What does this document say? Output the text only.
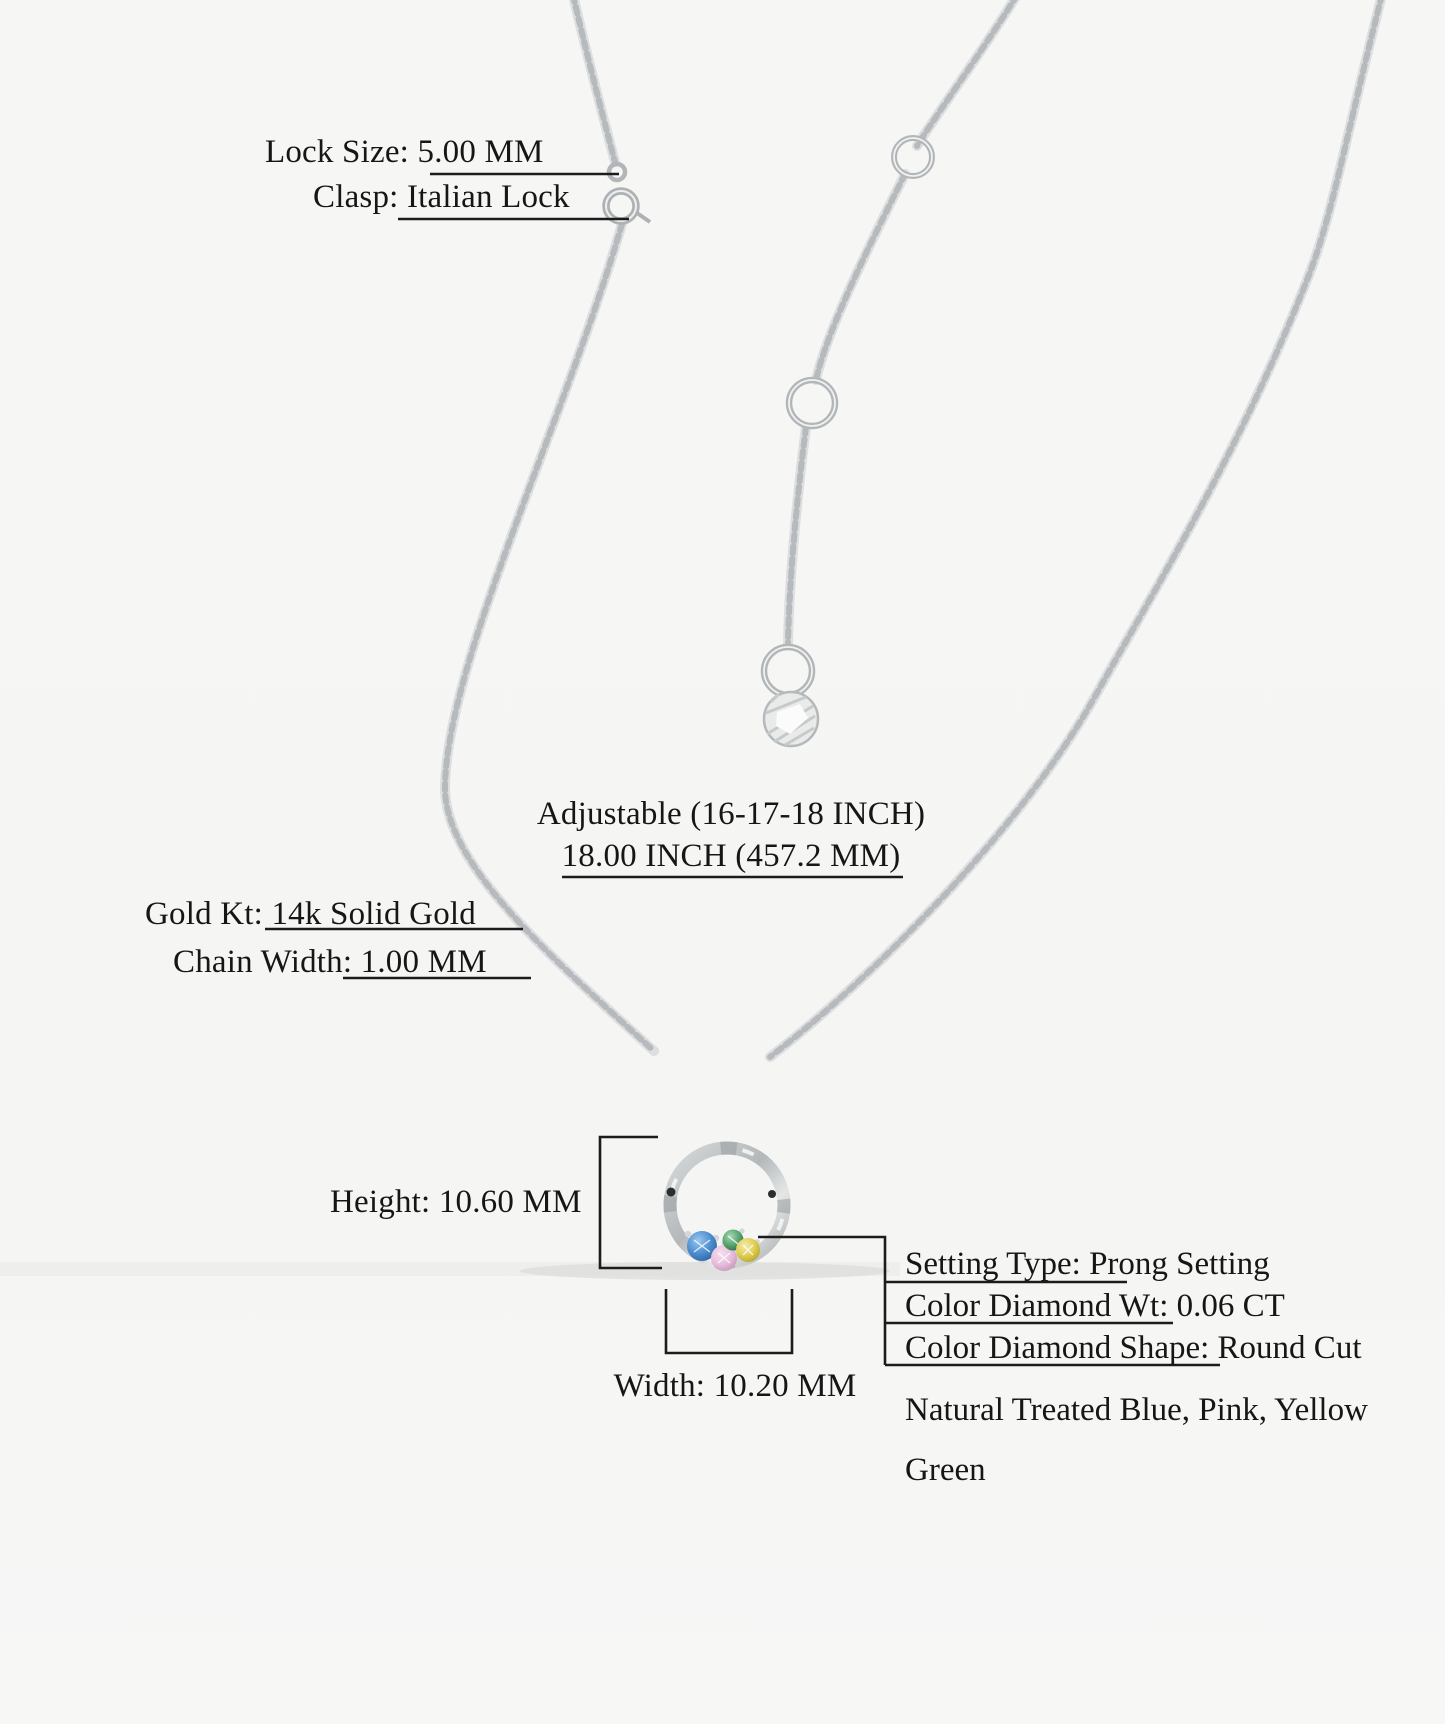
Lock Size: 5.00 MM
Clasp: Italian Lock
Adjustable (16-17-18 INCH)
18.00 INCH (457.2 MM)
Gold Kt: 14k Solid Gold
Chain Width: 1.00 MM
Height: 10.60 MM
Width: 10.20 MM
Setting Type: Prong Setting
Color Diamond Wt: 0.06 CT
Color Diamond Shape: Round Cut
Natural Treated Blue, Pink, Yellow
Green
